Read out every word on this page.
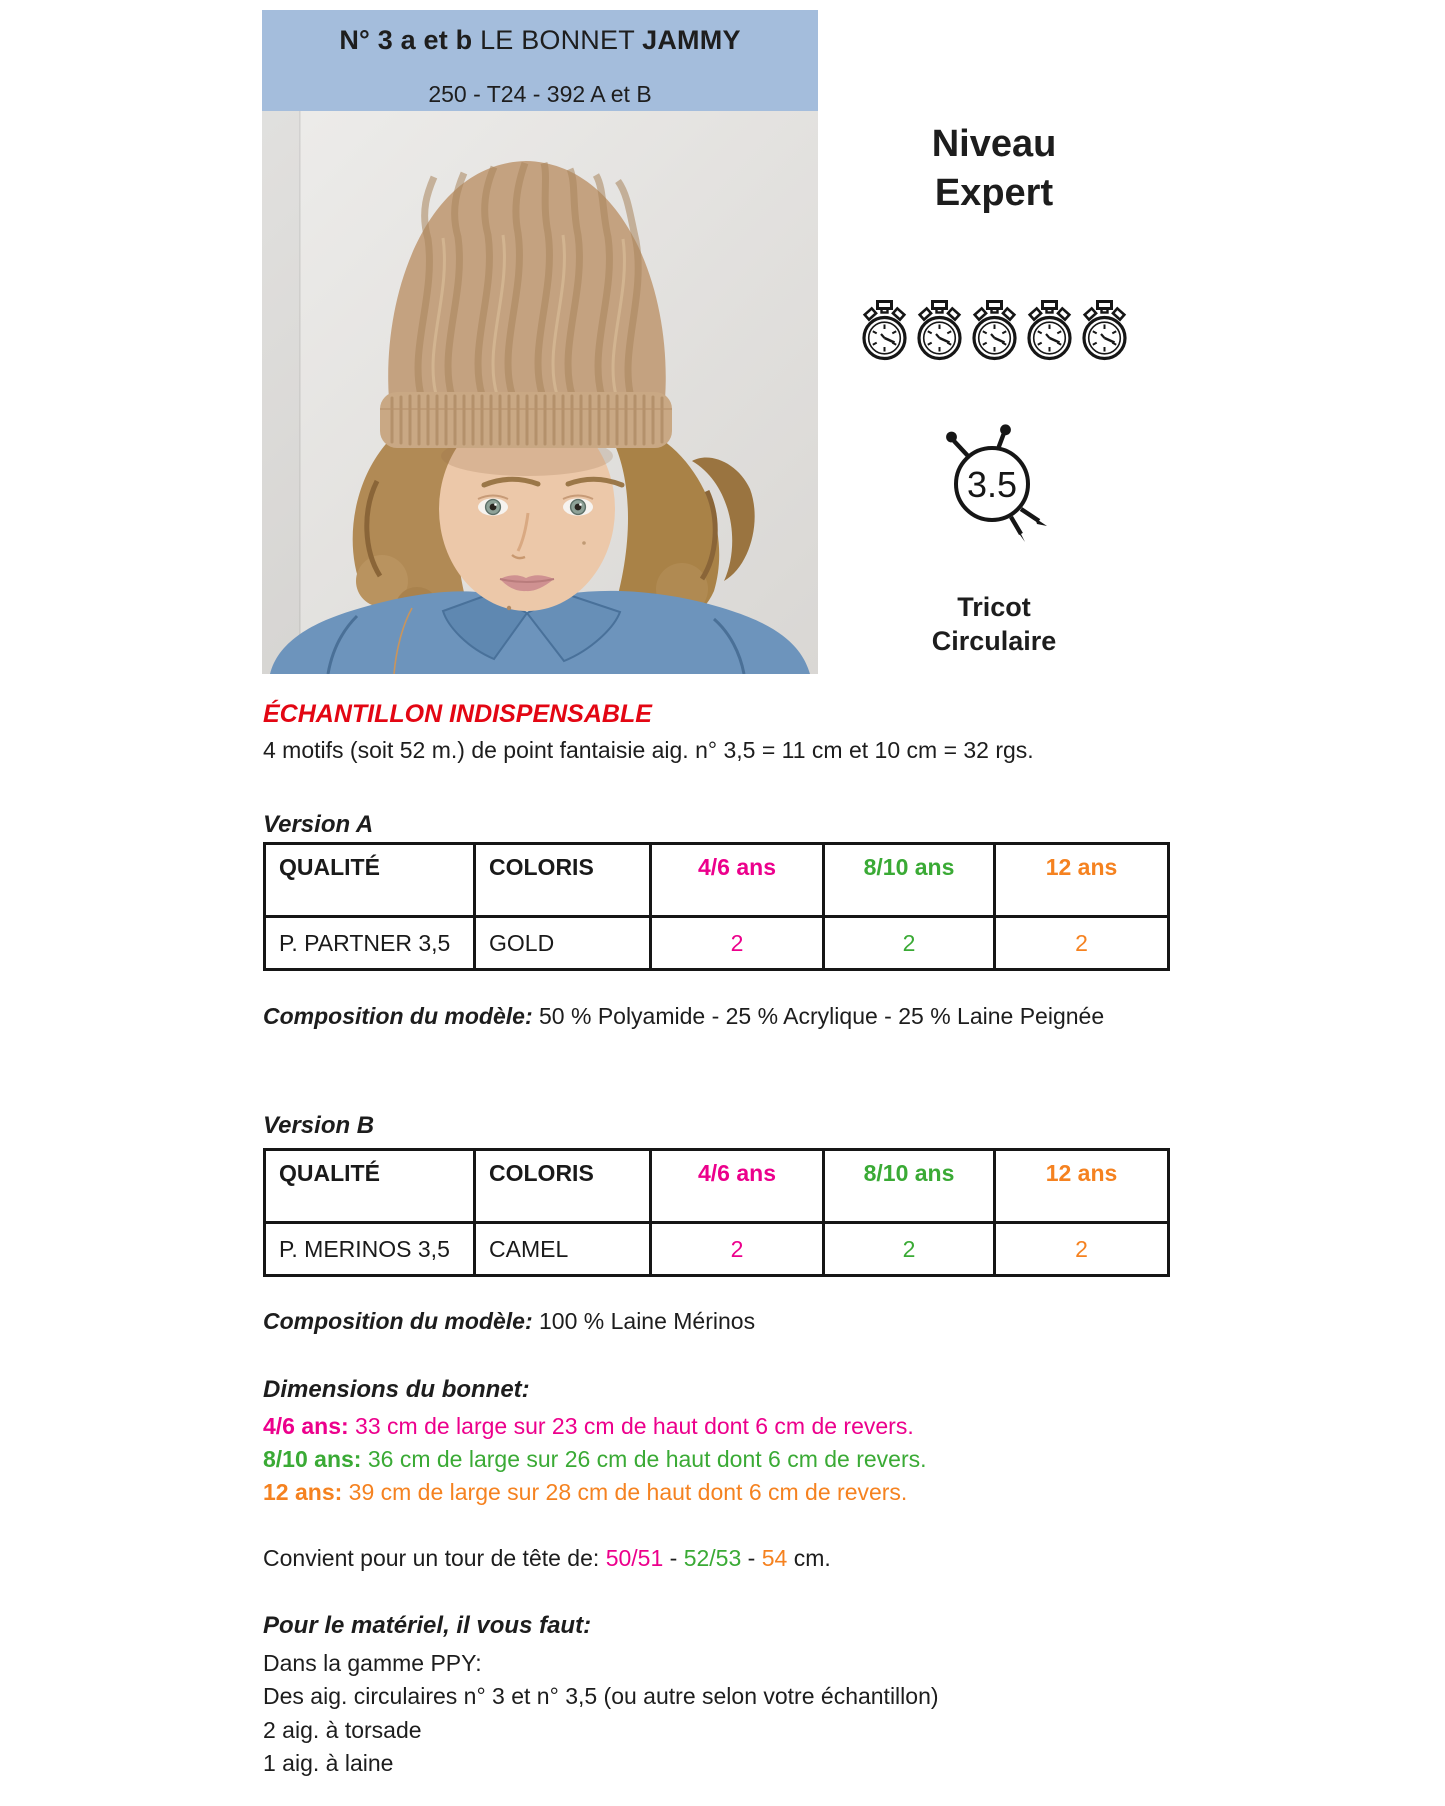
N° 3 a et b LE BONNET JAMMY
250 - T24 - 392 A et B
Niveau
Expert
3.5
Tricot
Circulaire
ÉCHANTILLON INDISPENSABLE
4 motifs (soit 52 m.) de point fantaisie aig. n° 3,5 = 11 cm et 10 cm = 32 rgs.
Version A
QUALITÉ	COLORIS	4/6 ans	8/10 ans	12 ans
P. PARTNER 3,5	GOLD	2	2	2
Composition du modèle: 50 % Polyamide - 25 % Acrylique - 25 % Laine Peignée
Version B
QUALITÉ	COLORIS	4/6 ans	8/10 ans	12 ans
P. MERINOS 3,5	CAMEL	2	2	2
Composition du modèle: 100 % Laine Mérinos
Dimensions du bonnet:
4/6 ans: 33 cm de large sur 23 cm de haut dont 6 cm de revers.
8/10 ans: 36 cm de large sur 26 cm de haut dont 6 cm de revers.
12 ans: 39 cm de large sur 28 cm de haut dont 6 cm de revers.
Convient pour un tour de tête de: 50/51 - 52/53 - 54 cm.
Pour le matériel, il vous faut:
Dans la gamme PPY:
Des aig. circulaires n° 3 et n° 3,5 (ou autre selon votre échantillon)
2 aig. à torsade
1 aig. à laine
